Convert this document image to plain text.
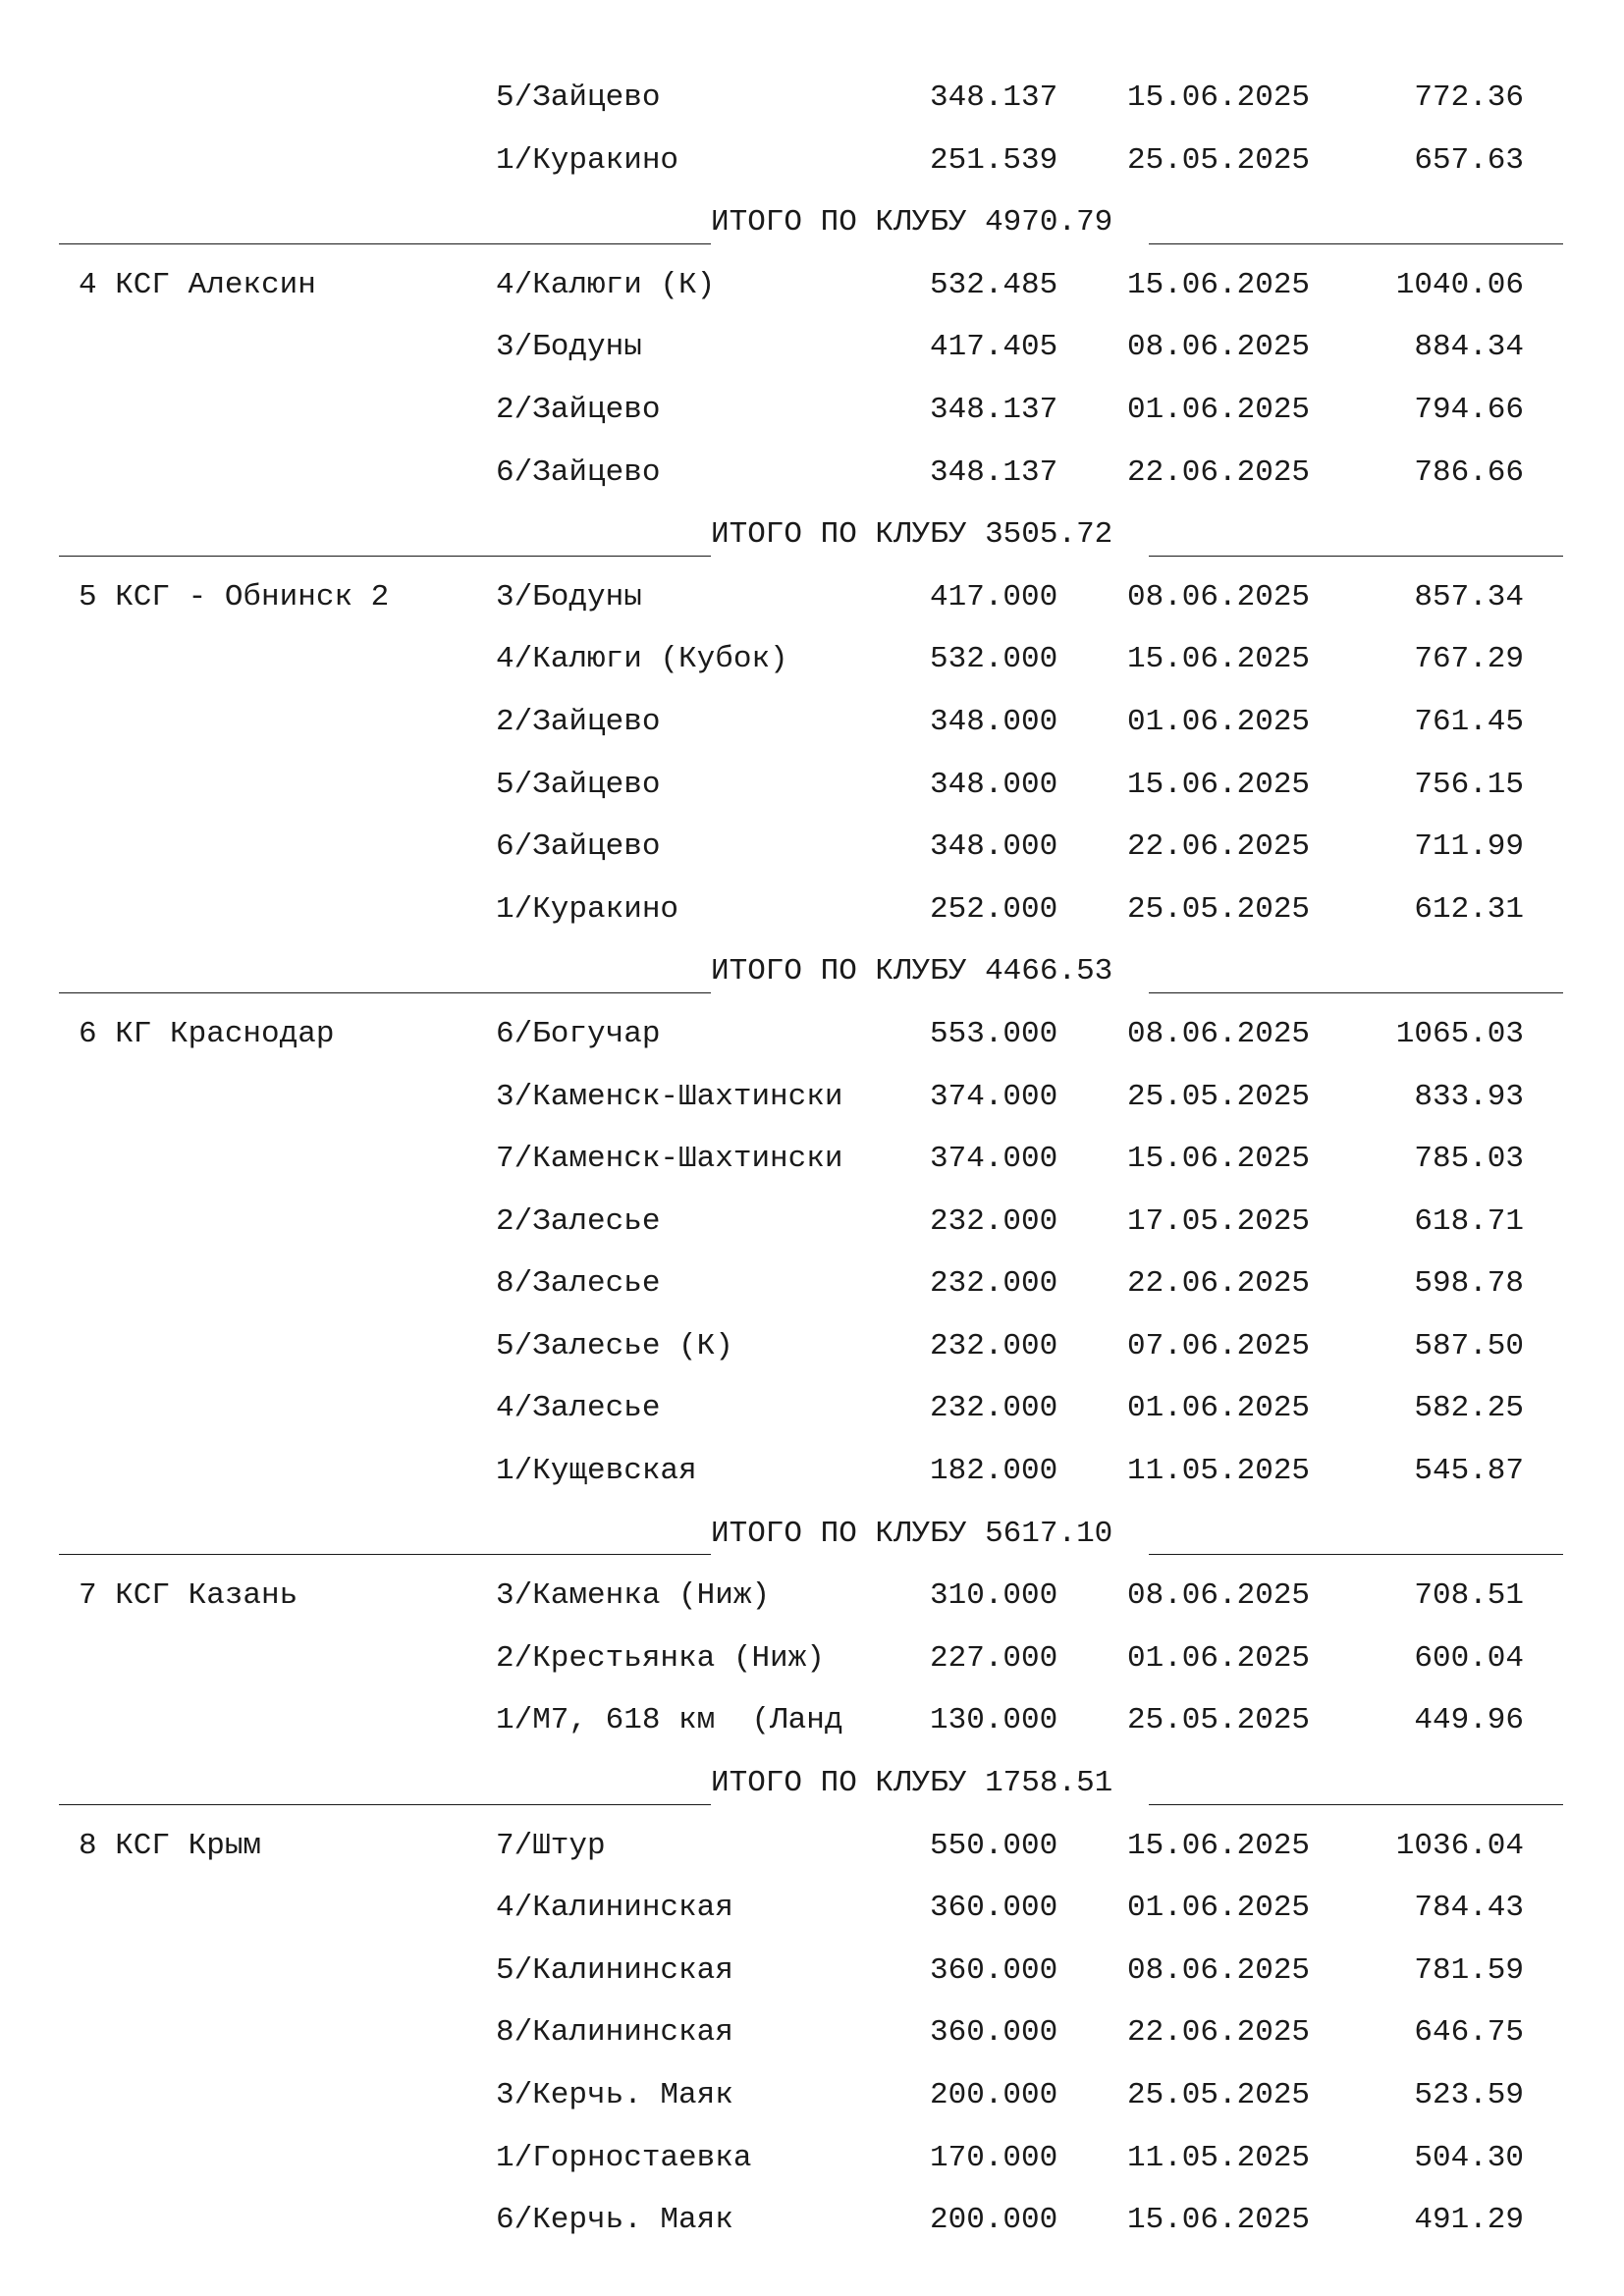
5/Зайцево	348.137 15.06.2025	772.36
1/Куракино	251.539 25.05.2025	657.63
ИТОГО ПО КЛУБУ 4970.79
4 КСГ Алексин	4/Калюги (К)	532.485 15.06.2025	1040.06
3/Бодуны	417.405 08.06.2025	884.34
2/Зайцево	348.137 01.06.2025	794.66
6/Зайцево	348.137 22.06.2025	786.66
ИТОГО ПО КЛУБУ 3505.72
5 КСГ - Обнинск 2	3/Бодуны	417.000 08.06.2025	857.34
4/Калюги (Кубок)	532.000 15.06.2025	767.29
2/Зайцево	348.000 01.06.2025	761.45
5/Зайцево	348.000 15.06.2025	756.15
6/Зайцево	348.000 22.06.2025	711.99
1/Куракино	252.000 25.05.2025	612.31
ИТОГО ПО КЛУБУ 4466.53
6 КГ Краснодар	6/Богучар	553.000 08.06.2025	1065.03
3/Каменск-Шахтински	374.000 25.05.2025	833.93
7/Каменск-Шахтински	374.000 15.06.2025	785.03
2/Залесье	232.000 17.05.2025	618.71
8/Залесье	232.000 22.06.2025	598.78
5/Залесье (К)	232.000 07.06.2025	587.50
4/Залесье	232.000 01.06.2025	582.25
1/Кущевская	182.000 11.05.2025	545.87
ИТОГО ПО КЛУБУ 5617.10
7 КСГ Казань	3/Каменка (Ниж)	310.000 08.06.2025	708.51
2/Крестьянка (Ниж)	227.000 01.06.2025	600.04
1/М7, 618 км  (Ланд	130.000 25.05.2025	449.96
ИТОГО ПО КЛУБУ 1758.51
8 КСГ Крым	7/Штур	550.000 15.06.2025	1036.04
4/Калининская	360.000 01.06.2025	784.43
5/Калининская	360.000 08.06.2025	781.59
8/Калининская	360.000 22.06.2025	646.75
3/Керчь. Маяк	200.000 25.05.2025	523.59
1/Горностаевка	170.000 11.05.2025	504.30
6/Керчь. Маяк	200.000 15.06.2025	491.29
